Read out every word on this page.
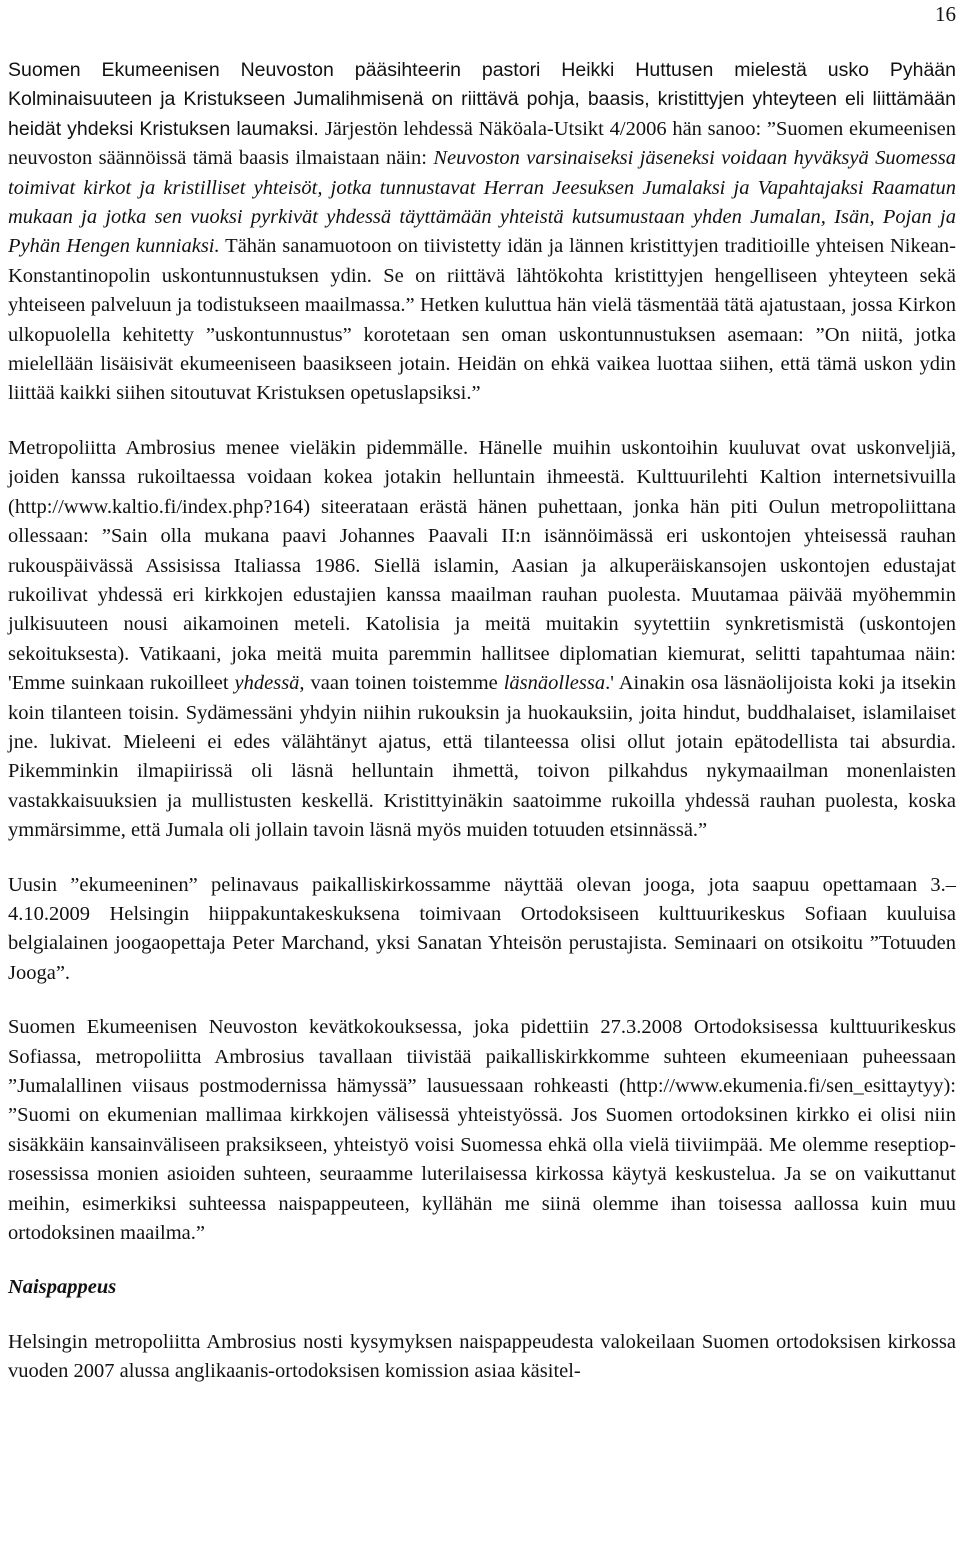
16

Suomen Ekumeenisen Neuvoston pääsihteerin pastori Heikki Huttusen mielestä usko Pyhään Kolminaisuuteen ja Kristukseen Jumalihmisenä on riittävä pohja, baasis, kristittyjen yhteyteen eli liittämään heidät yhdeksi Kristuksen laumaksi. Järjestön lehdessä Näköala-Utsikt 4/2006 hän sanoo: ”Suomen ekumeenisen neuvoston säännöissä tämä baasis ilmaistaan näin: Neuvoston varsinaiseksi jäseneksi voidaan hyväksyä Suomessa toimivat kirkot ja kristilliset yhteisöt, jotka tunnustavat Herran Jeesuksen Jumalaksi ja Vapahtajaksi Raamatun mukaan ja jotka sen vuoksi pyrkivät yhdessä täyttämään yhteistä kutsumustaan yhden Jumalan, Isän, Pojan ja Pyhän Hengen kunniaksi. Tähän sanamuotoon on tiivistetty idän ja lännen kristittyjen traditioille yhteisen Nikean-Konstantinopolin uskontunnustuksen ydin. Se on riittävä lähtökohta kristittyjen hengelliseen yhteyteen sekä yhteiseen palveluun ja todistukseen maailmassa.” Hetken kuluttua hän vielä täsmentää tätä ajatustaan, jossa Kirkon ulkopuolella kehitetty ”uskontunnustus” korotetaan sen oman uskontunnustuksen asemaan: ”On niitä, jotka mielellään lisäisivät ekumeeniseen baasikseen jotain. Heidän on ehkä vaikea luottaa siihen, että tämä uskon ydin liittää kaikki siihen sitoutuvat Kristuksen opetuslapsiksi.”

Metropoliitta Ambrosius menee vieläkin pidemmälle. Hänelle muihin uskontoihin kuuluvat ovat uskonveljiä, joiden kanssa rukoiltaessa voidaan kokea jotakin helluntain ihmeestä. Kulttuurilehti Kaltion internetsivuilla (http://www.kaltio.fi/index.php?164) siteerataan erästä hänen puhettaan, jonka hän piti Oulun metropoliittana ollessaan: ”Sain olla mukana paavi Johannes Paavali II:n isännöimässä eri uskontojen yhteisessä rauhan rukouspäivässä Assisissa Italiassa 1986. Siellä islamin, Aasian ja alkuperäiskansojen uskontojen edustajat rukoilivat yhdessä eri kirkkojen edustajien kanssa maailman rauhan puolesta. Muutamaa päivää myöhemmin julkisuuteen nousi aikamoinen meteli. Katolisia ja meitä muitakin syytettiin synkretismistä (uskontojen sekoituksesta). Vatikaani, joka meitä muita paremmin hallitsee diplomatian kiemurat, selitti tapahtumaa näin: 'Emme suinkaan rukoilleet yhdessä, vaan toinen toistemme läsnäollessa.' Ainakin osa läsnäolijoista koki ja itsekin koin tilanteen toisin. Sydämessäni yhdyin niihin rukouksin ja huokauksiin, joita hindut, buddhalaiset, islamilaiset jne. lukivat. Mieleeni ei edes välähtänyt ajatus, että tilanteessa olisi ollut jotain epätodellista tai absurdia. Pikemminkin ilmapiirissä oli läsnä helluntain ihmettä, toivon pilkahdus nykymaailman monenlaisten vastakkaisuuksien ja mullistusten keskellä. Kristittyinäkin saatoimme rukoilla yhdessä rauhan puolesta, koska ymmärsimme, että Jumala oli jollain tavoin läsnä myös muiden totuuden etsinnässä.”

Uusin ”ekumeeninen” pelinavaus paikalliskirkossamme näyttää olevan jooga, jota saapuu opettamaan 3.–4.10.2009 Helsingin hiippakuntakeskuksena toimivaan Ortodoksiseen kulttuurikeskus Sofiaan kuuluisa belgialainen joogaopettaja Peter Marchand, yksi Sanatan Yhteisön perustajista. Seminaari on otsikoitu ”Totuuden Jooga”.

Suomen Ekumeenisen Neuvoston kevätkokouksessa, joka pidettiin 27.3.2008 Ortodoksisessa kulttuurikeskus Sofiassa, metropoliitta Ambrosius tavallaan tiivistää paikalliskirkkomme suhteen ekumeeniaan puheessaan ”Jumalallinen viisaus postmodernissa hämyssä” lausuessaan rohkeasti (http://www.ekumenia.fi/sen_esittaytyy): ”Suomi on ekumenian mallimaa kirkkojen välisessä yhteistyössä. Jos Suomen ortodoksinen kirkko ei olisi niin sisäkkäin kansainväliseen praksikseen, yhteistyö voisi Suomessa ehkä olla vielä tiiviimpää. Me olemme reseptioprosessissa monien asioiden suhteen, seuraamme luterilaisessa kirkossa käytyä keskustelua. Ja se on vaikuttanut meihin, esimerkiksi suhteessa naispappeuteen, kyllähän me siinä olemme ihan toisessa aallossa kuin muu ortodoksinen maailma.”

Naispappeus

Helsingin metropoliitta Ambrosius nosti kysymyksen naispappeudesta valokeilaan Suomen ortodoksisen kirkossa vuoden 2007 alussa anglikaanis-ortodoksisen komission asiaa käsitel-
